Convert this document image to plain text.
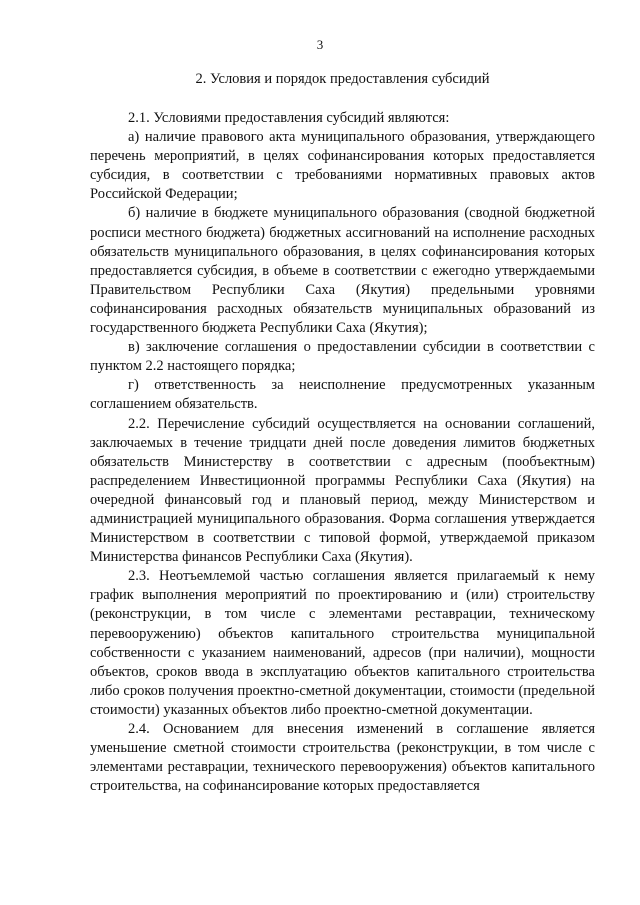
3
2. Условия и порядок предоставления субсидий

2.1. Условиями предоставления субсидий являются:

а) наличие правового акта муниципального образования, утверждающего перечень мероприятий, в целях софинансирования которых предоставляется субсидия, в соответствии с требованиями нормативных правовых актов Российской Федерации;

б) наличие в бюджете муниципального образования (сводной бюджетной росписи местного бюджета) бюджетных ассигнований на исполнение расходных обязательств муниципального образования, в целях софинансирования которых предоставляется субсидия, в объеме в соответствии с ежегодно утверждаемыми Правительством Республики Саха (Якутия) предельными уровнями софинансирования расходных обязательств муниципальных образований из государственного бюджета Республики Саха (Якутия);

в) заключение соглашения о предоставлении субсидии в соответствии с пунктом 2.2 настоящего порядка;

г) ответственность за неисполнение предусмотренных указанным соглашением обязательств.

2.2. Перечисление субсидий осуществляется на основании соглашений, заключаемых в течение тридцати дней после доведения лимитов бюджетных обязательств Министерству в соответствии с адресным (пообъектным) распределением Инвестиционной программы Республики Саха (Якутия) на очередной финансовый год и плановый период, между Министерством и администрацией муниципального образования. Форма соглашения утверждается Министерством в соответствии с типовой формой, утверждаемой приказом Министерства финансов Республики Саха (Якутия).

2.3. Неотъемлемой частью соглашения является прилагаемый к нему график выполнения мероприятий по проектированию и (или) строительству (реконструкции, в том числе с элементами реставрации, техническому перевооружению) объектов капитального строительства муниципальной собственности с указанием наименований, адресов (при наличии), мощности объектов, сроков ввода в эксплуатацию объектов капитального строительства либо сроков получения проектно-сметной документации, стоимости (предельной стоимости) указанных объектов либо проектно-сметной документации.

2.4. Основанием для внесения изменений в соглашение является уменьшение сметной стоимости строительства (реконструкции, в том числе с элементами реставрации, технического перевооружения) объектов капитального строительства, на софинансирование которых предоставляется
